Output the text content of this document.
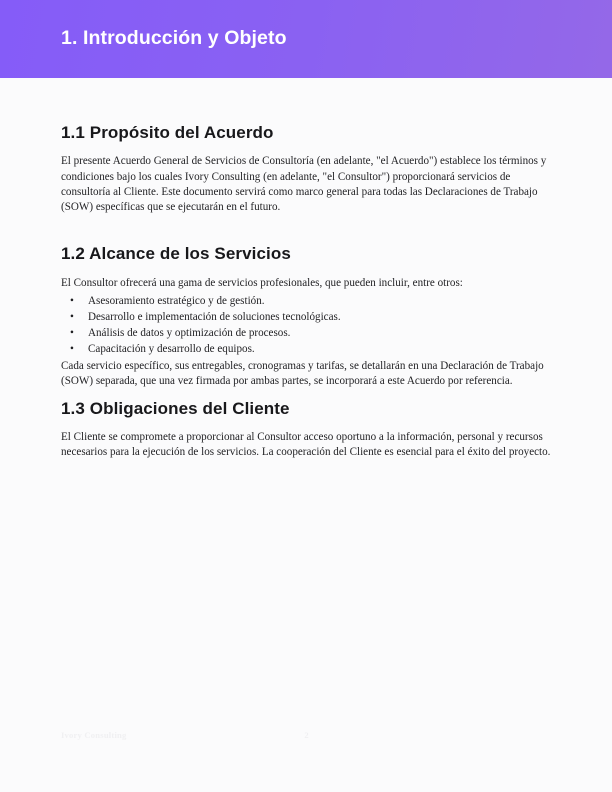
1. Introducción y Objeto
1.1 Propósito del Acuerdo

El presente Acuerdo General de Servicios de Consultoría (en adelante, "el Acuerdo") establece los términos y condiciones bajo los cuales Ivory Consulting (en adelante, "el Consultor") proporcionará servicios de consultoría al Cliente. Este documento servirá como marco general para todas las Declaraciones de Trabajo (SOW) específicas que se ejecutarán en el futuro.

1.2 Alcance de los Servicios

El Consultor ofrecerá una gama de servicios profesionales, que pueden incluir, entre otros:

• Asesoramiento estratégico y de gestión.
• Desarrollo e implementación de soluciones tecnológicas.
• Análisis de datos y optimización de procesos.
• Capacitación y desarrollo de equipos.

Cada servicio específico, sus entregables, cronogramas y tarifas, se detallarán en una Declaración de Trabajo (SOW) separada, que una vez firmada por ambas partes, se incorporará a este Acuerdo por referencia.

1.3 Obligaciones del Cliente

El Cliente se compromete a proporcionar al Consultor acceso oportuno a la información, personal y recursos necesarios para la ejecución de los servicios. La cooperación del Cliente es esencial para el éxito del proyecto.

Ivory Consulting	2
